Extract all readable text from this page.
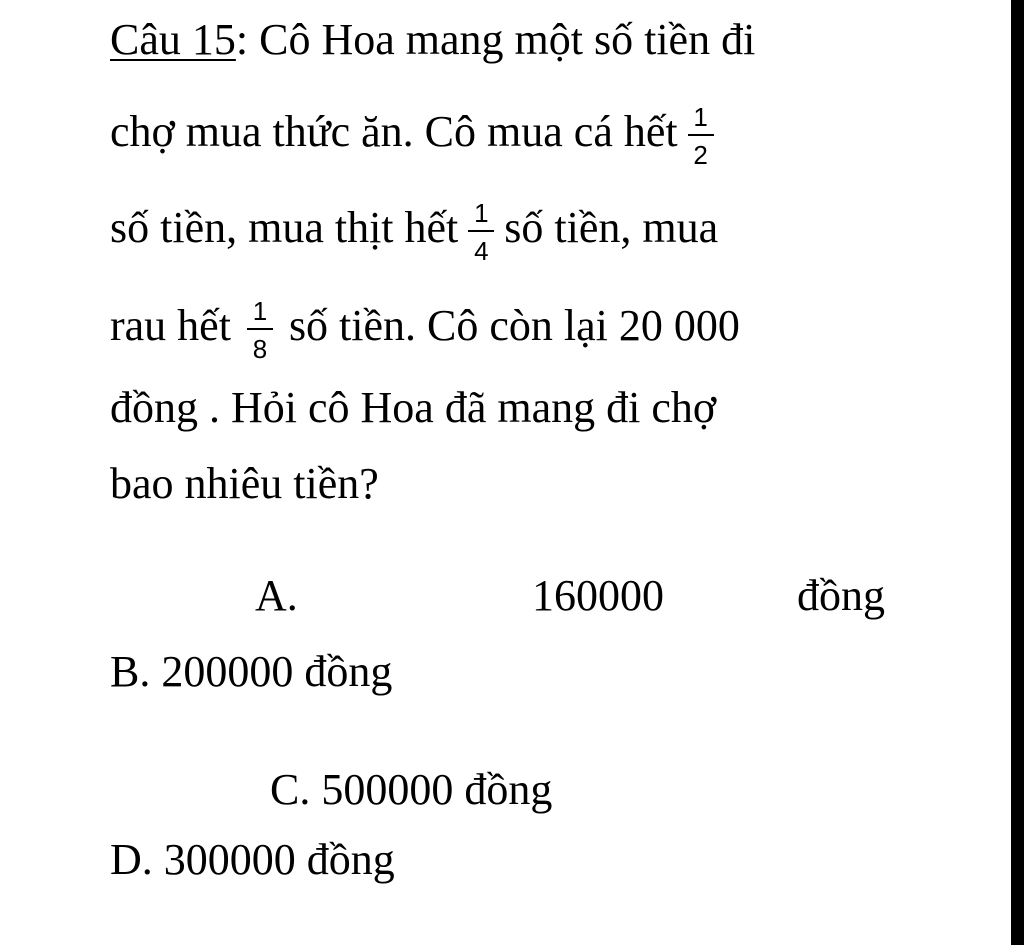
Câu 15: Cô Hoa mang một số tiền đi
chợ mua thức ăn. Cô mua cá hết $\frac{1}{2}$
số tiền, mua thịt hết $\frac{1}{4}$ số tiền, mua
rau hết $\frac{1}{8}$ số tiền. Cô còn lại 20 000
đồng . Hỏi cô Hoa đã mang đi chợ
bao nhiêu tiền?
A.	160000	đồng
B. 200000 đồng
C. 500000 đồng
D. 300000 đồng
